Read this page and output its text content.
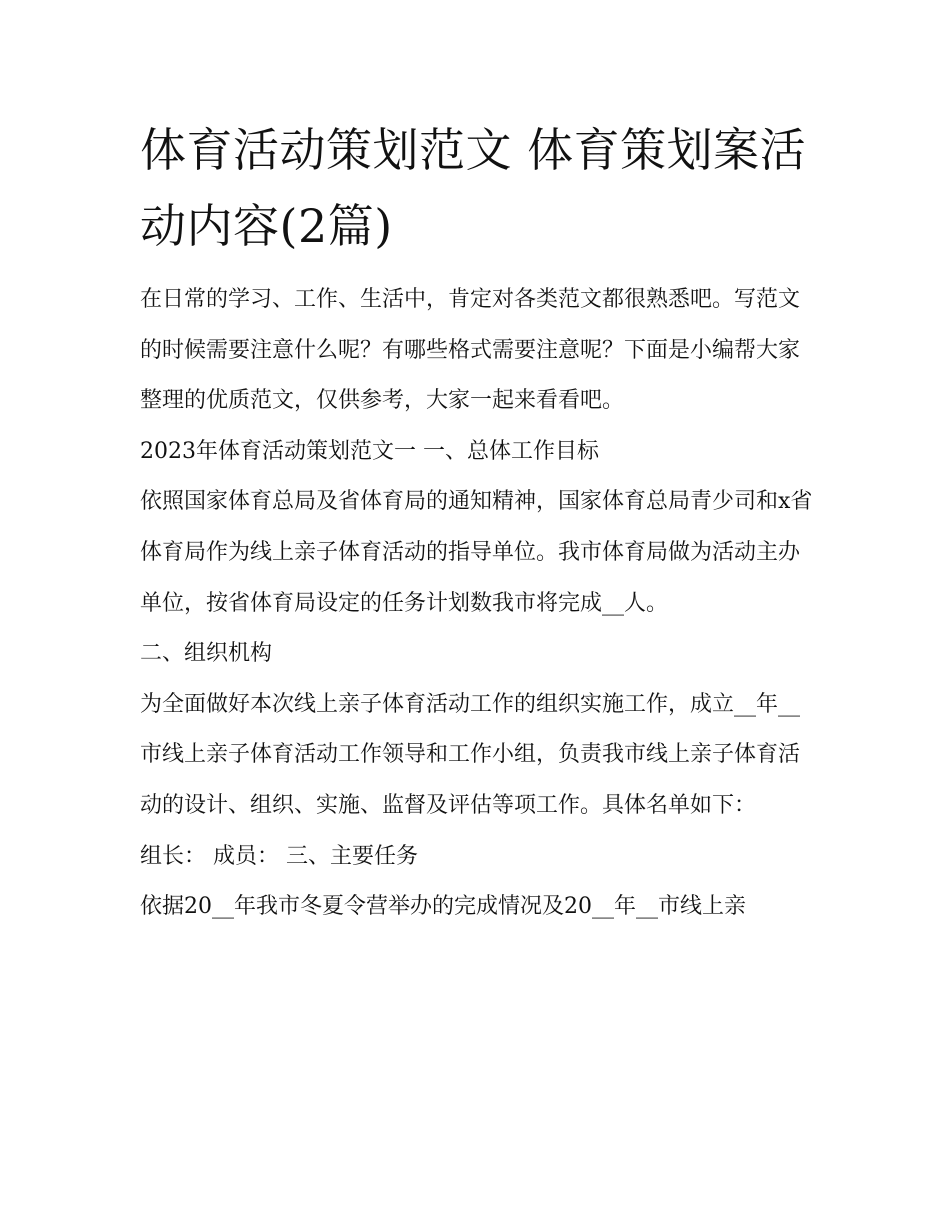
体育活动策划范文 体育策划案活动内容(2篇)

在日常的学习、工作、生活中，肯定对各类范文都很熟悉吧。写范文的时候需要注意什么呢？有哪些格式需要注意呢？下面是小编帮大家整理的优质范文，仅供参考，大家一起来看看吧。

2023年体育活动策划范文一 一、总体工作目标

依照国家体育总局及省体育局的通知精神，国家体育总局青少司和x省体育局作为线上亲子体育活动的指导单位。我市体育局做为活动主办单位，按省体育局设定的任务计划数我市将完成__人。

二、组织机构

为全面做好本次线上亲子体育活动工作的组织实施工作，成立__年__市线上亲子体育活动工作领导和工作小组，负责我市线上亲子体育活动的设计、组织、实施、监督及评估等项工作。具体名单如下：

组长： 成员： 三、主要任务

依据20__年我市冬夏令营举办的完成情况及20__年__市线上亲
